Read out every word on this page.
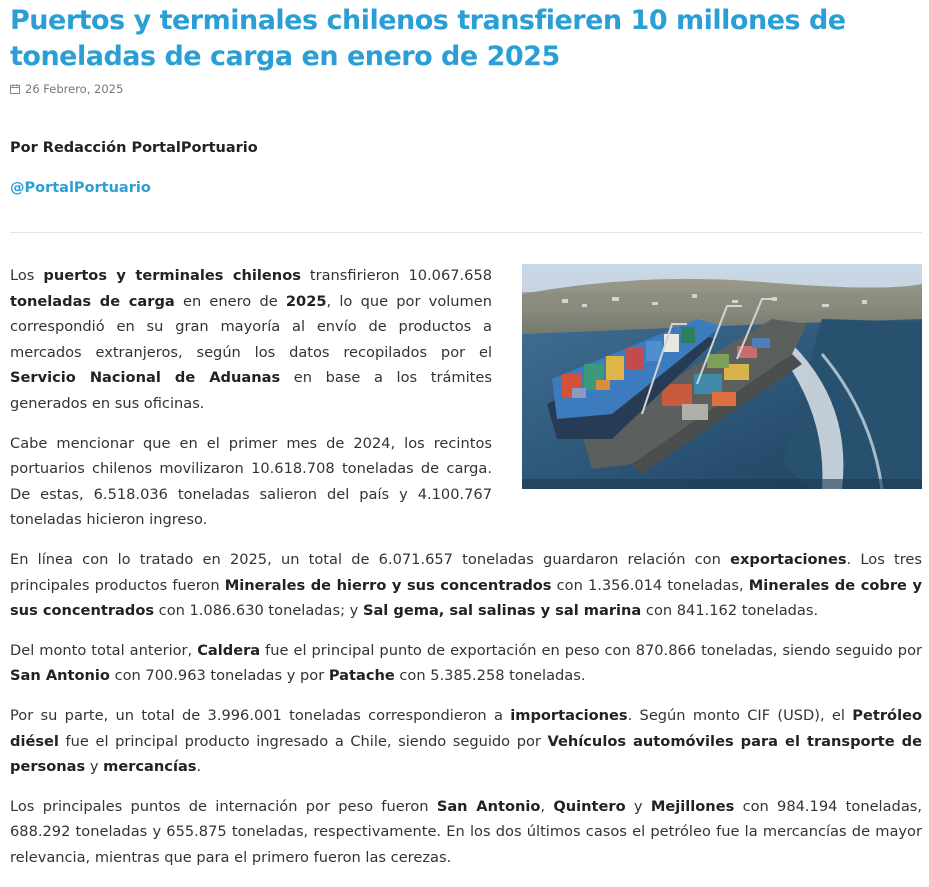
Puertos y terminales chilenos transfieren 10 millones de toneladas de carga en enero de 2025
26 Febrero, 2025
Por Redacción PortalPortuario
@PortalPortuario

Los puertos y terminales chilenos transfirieron 10.067.658 toneladas de carga en enero de 2025, lo que por volumen correspondió en su gran mayoría al envío de productos a mercados extranjeros, según los datos recopilados por el Servicio Nacional de Aduanas en base a los trámites generados en sus oficinas.

Cabe mencionar que en el primer mes de 2024, los recintos portuarios chilenos movilizaron 10.618.708 toneladas de carga. De estas, 6.518.036 toneladas salieron del país y 4.100.767 toneladas hicieron ingreso.

En línea con lo tratado en 2025, un total de 6.071.657 toneladas guardaron relación con exportaciones. Los tres principales productos fueron Minerales de hierro y sus concentrados con 1.356.014 toneladas, Minerales de cobre y sus concentrados con 1.086.630 toneladas; y Sal gema, sal salinas y sal marina con 841.162 toneladas.

Del monto total anterior, Caldera fue el principal punto de exportación en peso con 870.866 toneladas, siendo seguido por San Antonio con 700.963 toneladas y por Patache con 5.385.258 toneladas.

Por su parte, un total de 3.996.001 toneladas correspondieron a importaciones. Según monto CIF (USD), el Petróleo diésel fue el principal producto ingresado a Chile, siendo seguido por Vehículos automóviles para el transporte de personas y mercancías.

Los principales puntos de internación por peso fueron San Antonio, Quintero y Mejillones con 984.194 toneladas, 688.292 toneladas y 655.875 toneladas, respectivamente. En los dos últimos casos el petróleo fue la mercancías de mayor relevancia, mientras que para el primero fueron las cerezas.
